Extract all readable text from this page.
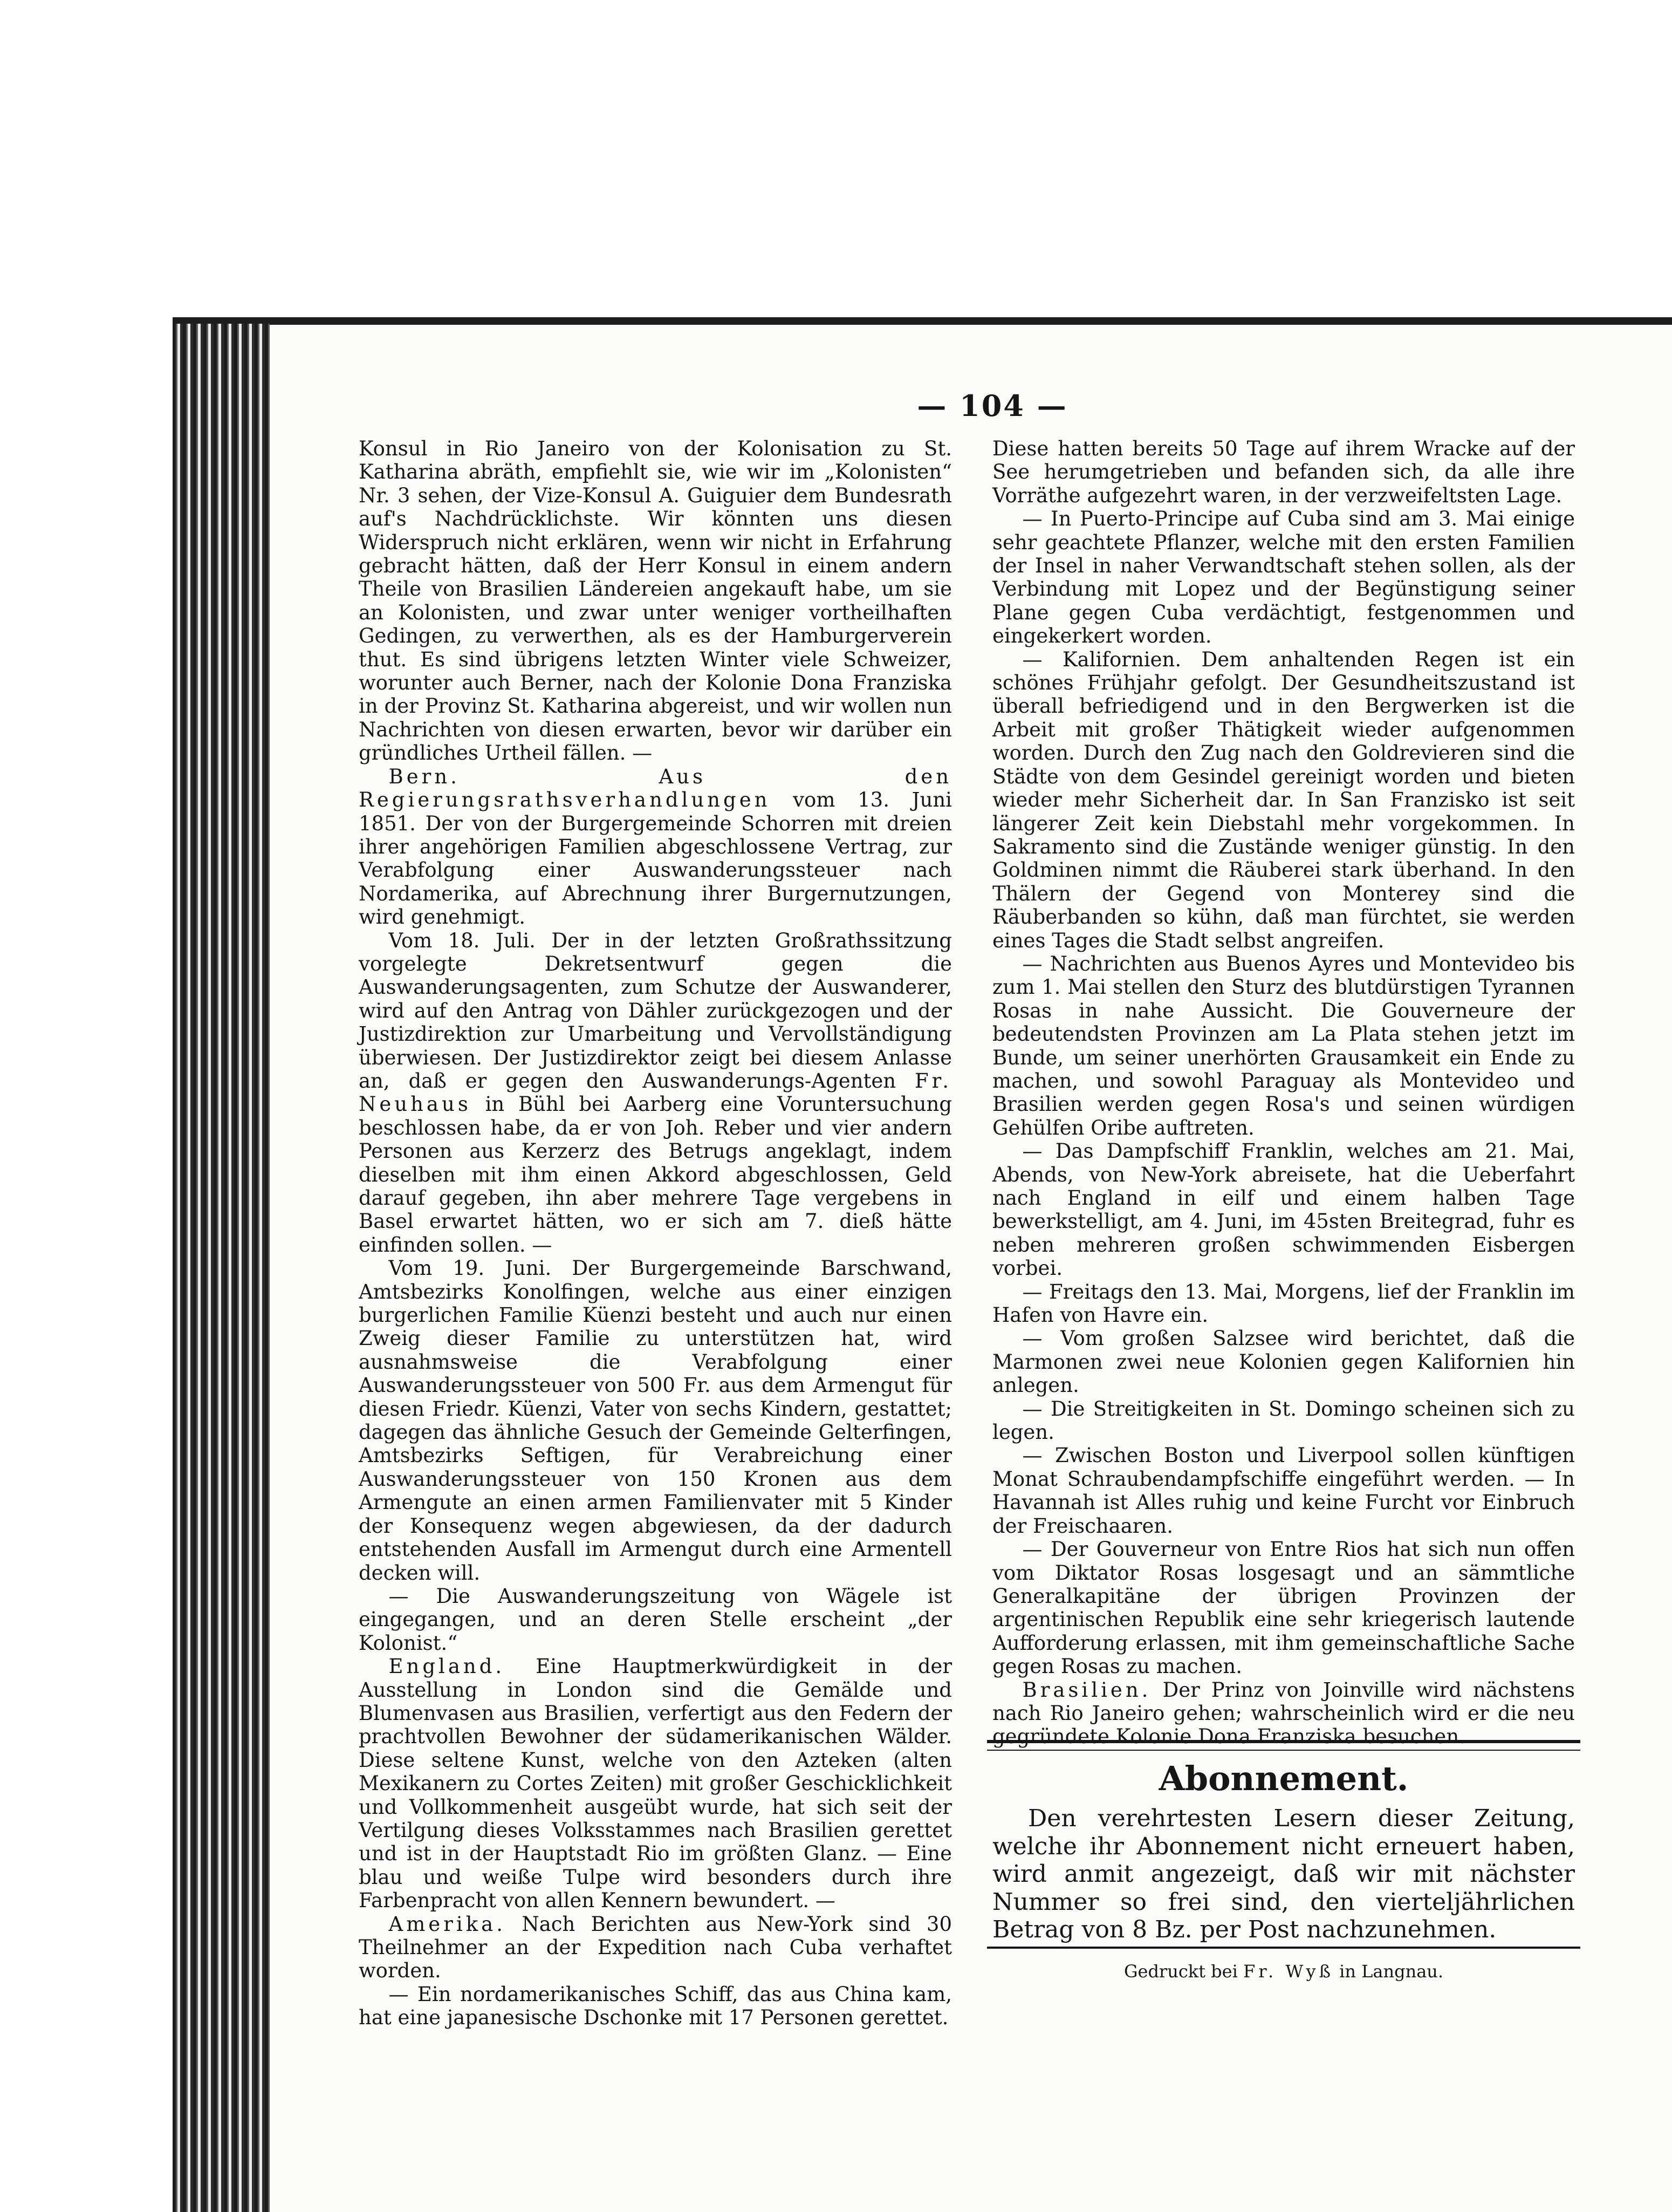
— 104 —

Konsul in Rio Janeiro von der Kolonisation zu St. Katharina abräth, empfiehlt sie, wie wir im „Kolonisten“ Nr. 3 sehen, der Vize-Konsul A. Guiguier dem Bundesrath auf's Nachdrücklichste. Wir könnten uns diesen Widerspruch nicht erklären, wenn wir nicht in Erfahrung gebracht hätten, daß der Herr Konsul in einem andern Theile von Brasilien Ländereien angekauft habe, um sie an Kolonisten, und zwar unter weniger vortheilhaften Gedingen, zu verwerthen, als es der Hamburgerverein thut. Es sind übrigens letzten Winter viele Schweizer, worunter auch Berner, nach der Kolonie Dona Franziska in der Provinz St. Katharina abgereist, und wir wollen nun Nachrichten von diesen erwarten, bevor wir darüber ein gründliches Urtheil fällen. —

Bern. Aus den Regierungsrathsverhandlungen vom 13. Juni 1851. Der von der Burgergemeinde Schorren mit dreien ihrer angehörigen Familien abgeschlossene Vertrag, zur Verabfolgung einer Auswanderungssteuer nach Nordamerika, auf Abrechnung ihrer Burgernutzungen, wird genehmigt.

Vom 18. Juli. Der in der letzten Großrathssitzung vorgelegte Dekretsentwurf gegen die Auswanderungsagenten, zum Schutze der Auswanderer, wird auf den Antrag von Dähler zurückgezogen und der Justizdirektion zur Umarbeitung und Vervollständigung überwiesen. Der Justizdirektor zeigt bei diesem Anlasse an, daß er gegen den Auswanderungs-Agenten Fr. Neuhaus in Bühl bei Aarberg eine Voruntersuchung beschlossen habe, da er von Joh. Reber und vier andern Personen aus Kerzerz des Betrugs angeklagt, indem dieselben mit ihm einen Akkord abgeschlossen, Geld darauf gegeben, ihn aber mehrere Tage vergebens in Basel erwartet hätten, wo er sich am 7. dieß hätte einfinden sollen. —

Vom 19. Juni. Der Burgergemeinde Barschwand, Amtsbezirks Konolfingen, welche aus einer einzigen burgerlichen Familie Küenzi besteht und auch nur einen Zweig dieser Familie zu unterstützen hat, wird ausnahmsweise die Verabfolgung einer Auswanderungssteuer von 500 Fr. aus dem Armengut für diesen Friedr. Küenzi, Vater von sechs Kindern, gestattet; dagegen das ähnliche Gesuch der Gemeinde Gelterfingen, Amtsbezirks Seftigen, für Verabreichung einer Auswanderungssteuer von 150 Kronen aus dem Armengute an einen armen Familienvater mit 5 Kinder der Konsequenz wegen abgewiesen, da der dadurch entstehenden Ausfall im Armengut durch eine Armentell decken will.

— Die Auswanderungszeitung von Wägele ist eingegangen, und an deren Stelle erscheint „der Kolonist.“

England. Eine Hauptmerkwürdigkeit in der Ausstellung in London sind die Gemälde und Blumenvasen aus Brasilien, verfertigt aus den Federn der prachtvollen Bewohner der südamerikanischen Wälder. Diese seltene Kunst, welche von den Azteken (alten Mexikanern zu Cortes Zeiten) mit großer Geschicklichkeit und Vollkommenheit ausgeübt wurde, hat sich seit der Vertilgung dieses Volksstammes nach Brasilien gerettet und ist in der Hauptstadt Rio im größten Glanz. — Eine blau und weiße Tulpe wird besonders durch ihre Farbenpracht von allen Kennern bewundert. —

Amerika. Nach Berichten aus New-York sind 30 Theilnehmer an der Expedition nach Cuba verhaftet worden.

— Ein nordamerikanisches Schiff, das aus China kam, hat eine japanesische Dschonke mit 17 Personen gerettet.

Diese hatten bereits 50 Tage auf ihrem Wracke auf der See herumgetrieben und befanden sich, da alle ihre Vorräthe aufgezehrt waren, in der verzweifeltsten Lage.

— In Puerto-Principe auf Cuba sind am 3. Mai einige sehr geachtete Pflanzer, welche mit den ersten Familien der Insel in naher Verwandtschaft stehen sollen, als der Verbindung mit Lopez und der Begünstigung seiner Plane gegen Cuba verdächtigt, festgenommen und eingekerkert worden.

— Kalifornien. Dem anhaltenden Regen ist ein schönes Frühjahr gefolgt. Der Gesundheitszustand ist überall befriedigend und in den Bergwerken ist die Arbeit mit großer Thätigkeit wieder aufgenommen worden. Durch den Zug nach den Goldrevieren sind die Städte von dem Gesindel gereinigt worden und bieten wieder mehr Sicherheit dar. In San Franzisko ist seit längerer Zeit kein Diebstahl mehr vorgekommen. In Sakramento sind die Zustände weniger günstig. In den Goldminen nimmt die Räuberei stark überhand. In den Thälern der Gegend von Monterey sind die Räuberbanden so kühn, daß man fürchtet, sie werden eines Tages die Stadt selbst angreifen.

— Nachrichten aus Buenos Ayres und Montevideo bis zum 1. Mai stellen den Sturz des blutdürstigen Tyrannen Rosas in nahe Aussicht. Die Gouverneure der bedeutendsten Provinzen am La Plata stehen jetzt im Bunde, um seiner unerhörten Grausamkeit ein Ende zu machen, und sowohl Paraguay als Montevideo und Brasilien werden gegen Rosa's und seinen würdigen Gehülfen Oribe auftreten.

— Das Dampfschiff Franklin, welches am 21. Mai, Abends, von New-York abreisete, hat die Ueberfahrt nach England in eilf und einem halben Tage bewerkstelligt, am 4. Juni, im 45sten Breitegrad, fuhr es neben mehreren großen schwimmenden Eisbergen vorbei.

— Freitags den 13. Mai, Morgens, lief der Franklin im Hafen von Havre ein.

— Vom großen Salzsee wird berichtet, daß die Marmonen zwei neue Kolonien gegen Kalifornien hin anlegen.

— Die Streitigkeiten in St. Domingo scheinen sich zu legen.

— Zwischen Boston und Liverpool sollen künftigen Monat Schraubendampfschiffe eingeführt werden. — In Havannah ist Alles ruhig und keine Furcht vor Einbruch der Freischaaren.

— Der Gouverneur von Entre Rios hat sich nun offen vom Diktator Rosas losgesagt und an sämmtliche Generalkapitäne der übrigen Provinzen der argentinischen Republik eine sehr kriegerisch lautende Aufforderung erlassen, mit ihm gemeinschaftliche Sache gegen Rosas zu machen.

Brasilien. Der Prinz von Joinville wird nächstens nach Rio Janeiro gehen; wahrscheinlich wird er die neu gegründete Kolonie Dona Franziska besuchen.

Abonnement.

Den verehrtesten Lesern dieser Zeitung, welche ihr Abonnement nicht erneuert haben, wird anmit angezeigt, daß wir mit nächster Nummer so frei sind, den vierteljährlichen Betrag von 8 Bz. per Post nachzunehmen.

Gedruckt bei Fr. Wyß in Langnau.
